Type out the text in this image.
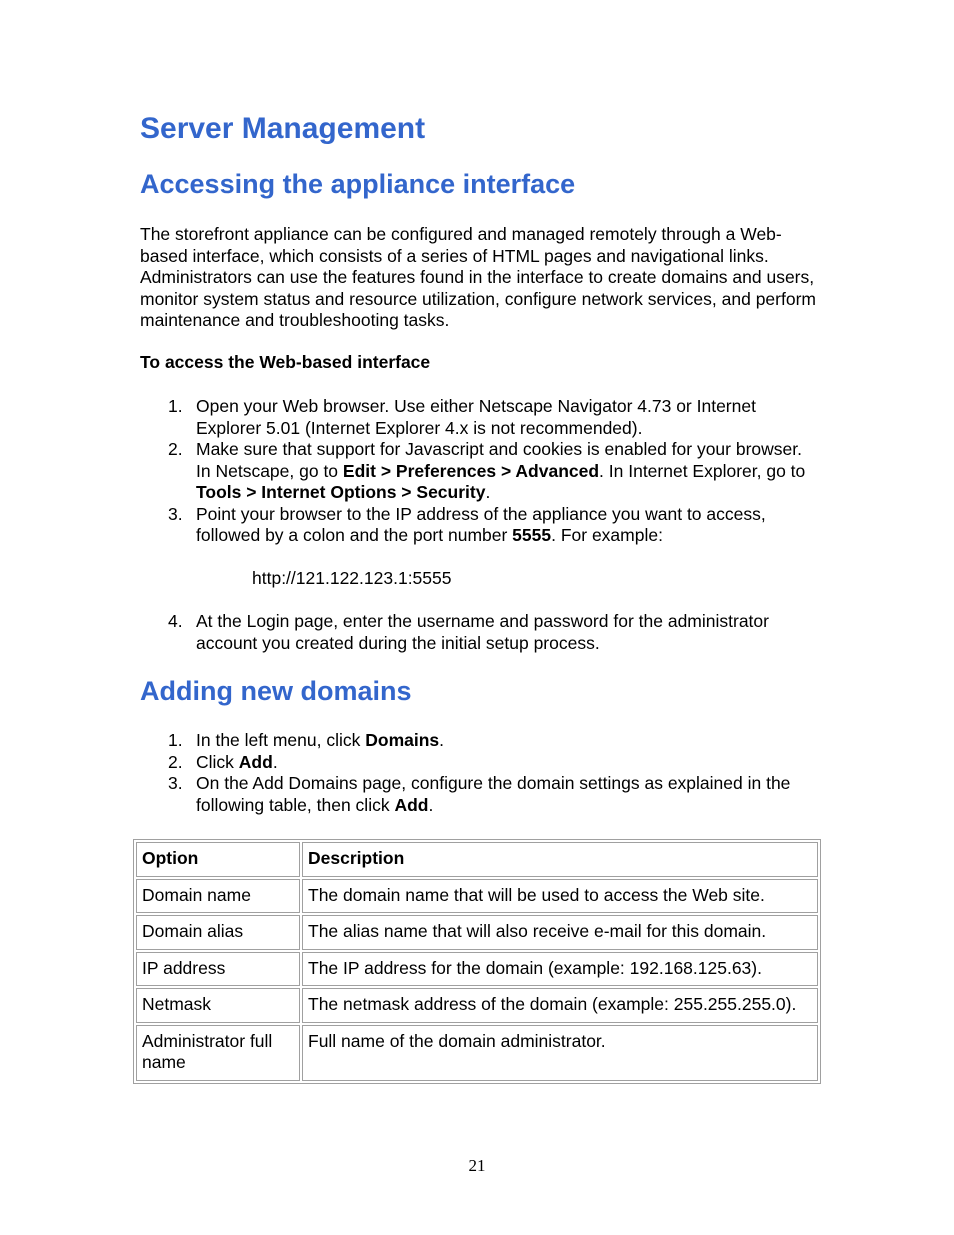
Server Management
Accessing the appliance interface

The storefront appliance can be configured and managed remotely through a Web-based interface, which consists of a series of HTML pages and navigational links. Administrators can use the features found in the interface to create domains and users, monitor system status and resource utilization, configure network services, and perform maintenance and troubleshooting tasks.

To access the Web-based interface

1. Open your Web browser. Use either Netscape Navigator 4.73 or Internet Explorer 5.01 (Internet Explorer 4.x is not recommended).
2. Make sure that support for Javascript and cookies is enabled for your browser. In Netscape, go to Edit > Preferences > Advanced. In Internet Explorer, go to Tools > Internet Options > Security.
3. Point your browser to the IP address of the appliance you want to access, followed by a colon and the port number 5555. For example:

http://121.122.123.1:5555

4. At the Login page, enter the username and password for the administrator account you created during the initial setup process.
Adding new domains
1. In the left menu, click Domains.
2. Click Add.
3. On the Add Domains page, configure the domain settings as explained in the following table, then click Add.
Option	Description
Domain name	The domain name that will be used to access the Web site.
Domain alias	The alias name that will also receive e-mail for this domain.
IP address	The IP address for the domain (example: 192.168.125.63).
Netmask	The netmask address of the domain (example: 255.255.255.0).
Administrator full name	Full name of the domain administrator.
21
